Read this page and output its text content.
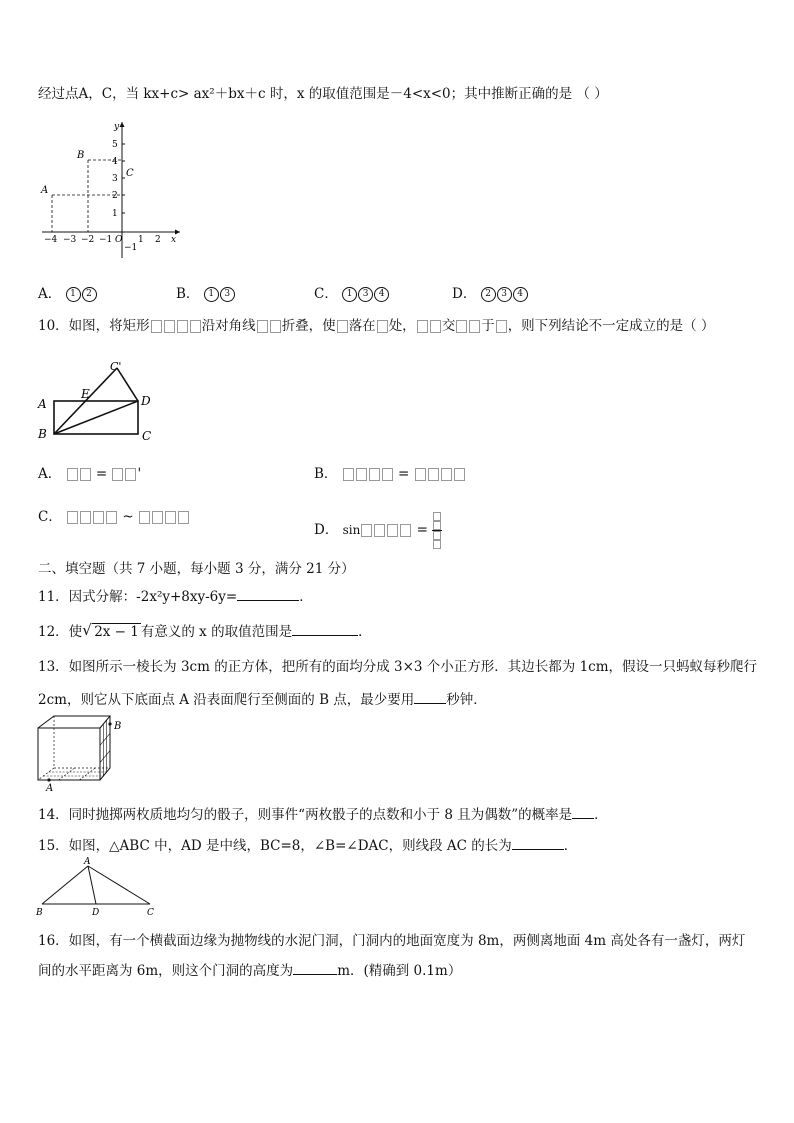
经过点A，C，当 kx+c> ax²＋bx＋c 时，x 的取值范围是－4<x<0；其中推断正确的是 （ ）
5
4
3
2
1
−1
y
−4 −3 −2 −1 O 1 2 x
A
B
C
A． 1 2	B． 1 3	C． 1 3 4	D． 2 3 4
10．如图，将矩形	沿对角线 折叠，使 落在 处， 交 于 ，则下列结论不一定成立的是（ ）
C'
E
A	D
B	C
A．  = '	B．	=
C．	~
D． sin	=
二、填空题（共 7 小题，每小题 3 分，满分 21 分）
11．因式分解：-2x²y+8xy-6y=	．
12．使√ 2x − 1 有意义的 x 的取值范围是	．
13．如图所示一棱长为 3cm 的正方体，把所有的面均分成 3×3 个小正方形．其边长都为 1cm，假设一只蚂蚁每秒爬行
2cm，则它从下底面点 A 沿表面爬行至侧面的 B 点，最少要用 秒钟．
B
A
14．同时抛掷两枚质地均匀的骰子，则事件“两枚骰子的点数和小于 8 且为偶数”的概率是 ．
15．如图，△ABC 中，AD 是中线，BC=8，∠B=∠DAC，则线段 AC 的长为	．
A
B	D	C
16．如图，有一个横截面边缘为抛物线的水泥门洞，门洞内的地面宽度为 8m，两侧离地面 4m 高处各有一盏灯，两灯
间的水平距离为 6m，则这个门洞的高度为	m．(精确到 0.1m）
